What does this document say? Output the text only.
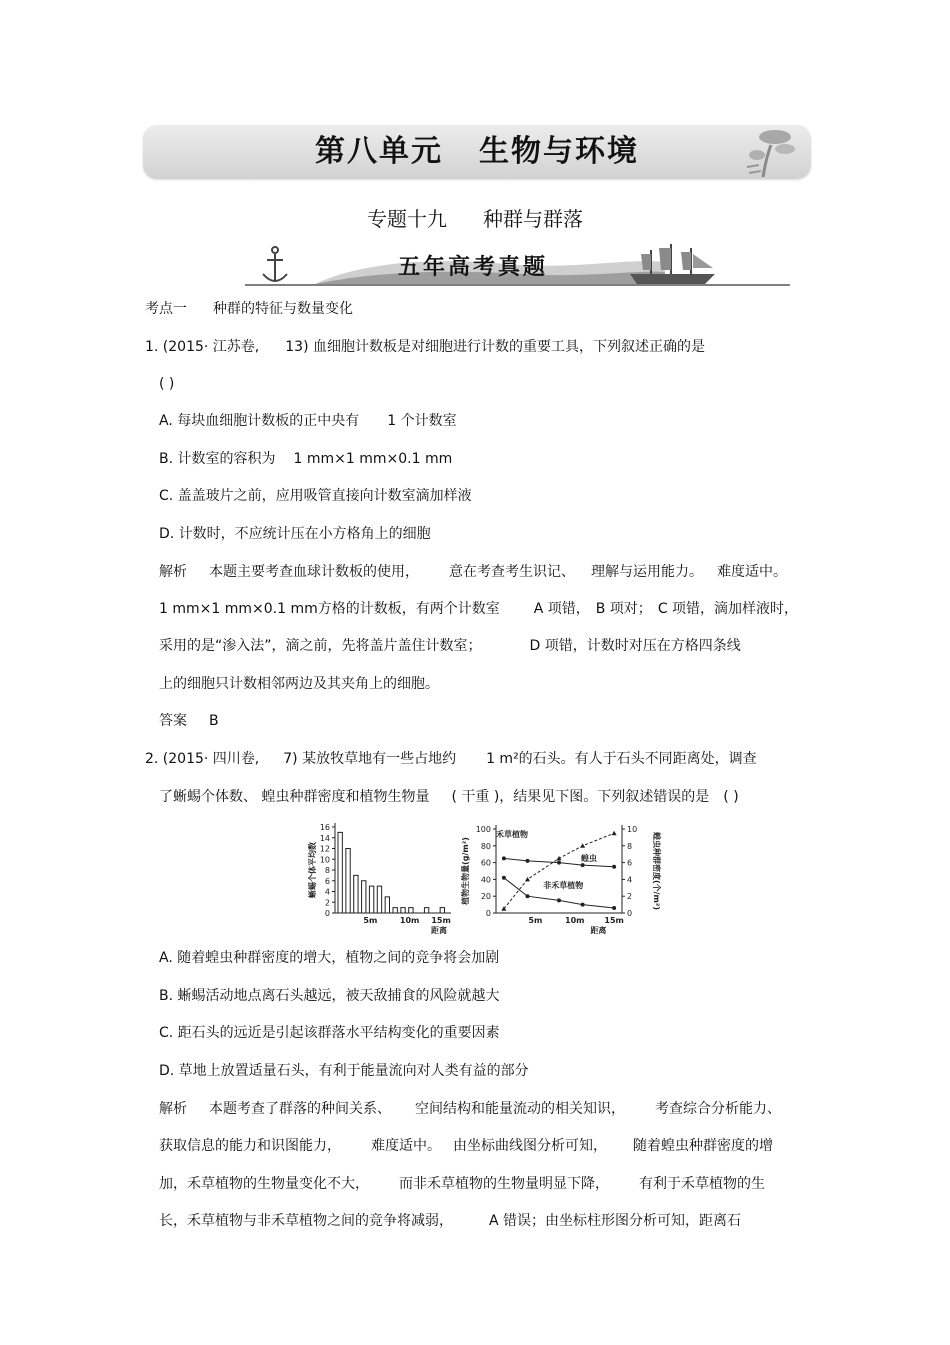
第八单元 生物与环境
专题十九 种群与群落
五年高考真题
考点一 种群的特征与数量变化
1. (2015· 江苏卷, 13) 血细胞计数板是对细胞进行计数的重要工具，下列叙述正确的是
( )
A. 每块血细胞计数板的正中央有 1 个计数室
B. 计数室的容积为 1 mm×1 mm×0.1 mm
C. 盖盖玻片之前，应用吸管直接向计数室滴加样液
D. 计数时，不应统计压在小方格角上的细胞
解析 本题主要考查血球计数板的使用， 意在考查考生识记、 理解与运用能力。 难度适中。
1 mm×1 mm×0.1 mm方格的计数板，有两个计数室 A 项错， B 项对； C 项错，滴加样液时，
采用的是“渗入法”，滴之前，先将盖片盖住计数室；	D 项错，计数时对压在方格四条线
上的细胞只计数相邻两边及其夹角上的细胞。
答案 B
2. (2015· 四川卷, 7) 某放牧草地有一些占地约 1 m²的石头。有人于石头不同距离处，调查
了蜥蜴个体数、 蝗虫种群密度和植物生物量 ( 干重 )，结果见下图。下列叙述错误的是 ( )
0
2
4
6
8
10
12
14
16
5m	10m 15m
距离
蜥蜴个体平均数
0
20
40
60
80
100
0
2
4
6
8
10
5m	10m 15m
距离
植物生物量(g/m²)	蝗虫种群密度(个/m²)
禾草植物
非禾草植物
蝗虫
A. 随着蝗虫种群密度的增大，植物之间的竞争将会加剧
B. 蜥蜴活动地点离石头越远，被天敌捕食的风险就越大
C. 距石头的远近是引起该群落水平结构变化的重要因素
D. 草地上放置适量石头，有利于能量流向对人类有益的部分
解析 本题考查了群落的种间关系、 空间结构和能量流动的相关知识， 考查综合分析能力、
获取信息的能力和识图能力， 难度适中。 由坐标曲线图分析可知， 随着蝗虫种群密度的增
加，禾草植物的生物量变化不大， 而非禾草植物的生物量明显下降， 有利于禾草植物的生
长，禾草植物与非禾草植物之间的竞争将减弱，	A 错误；由坐标柱形图分析可知，距离石
